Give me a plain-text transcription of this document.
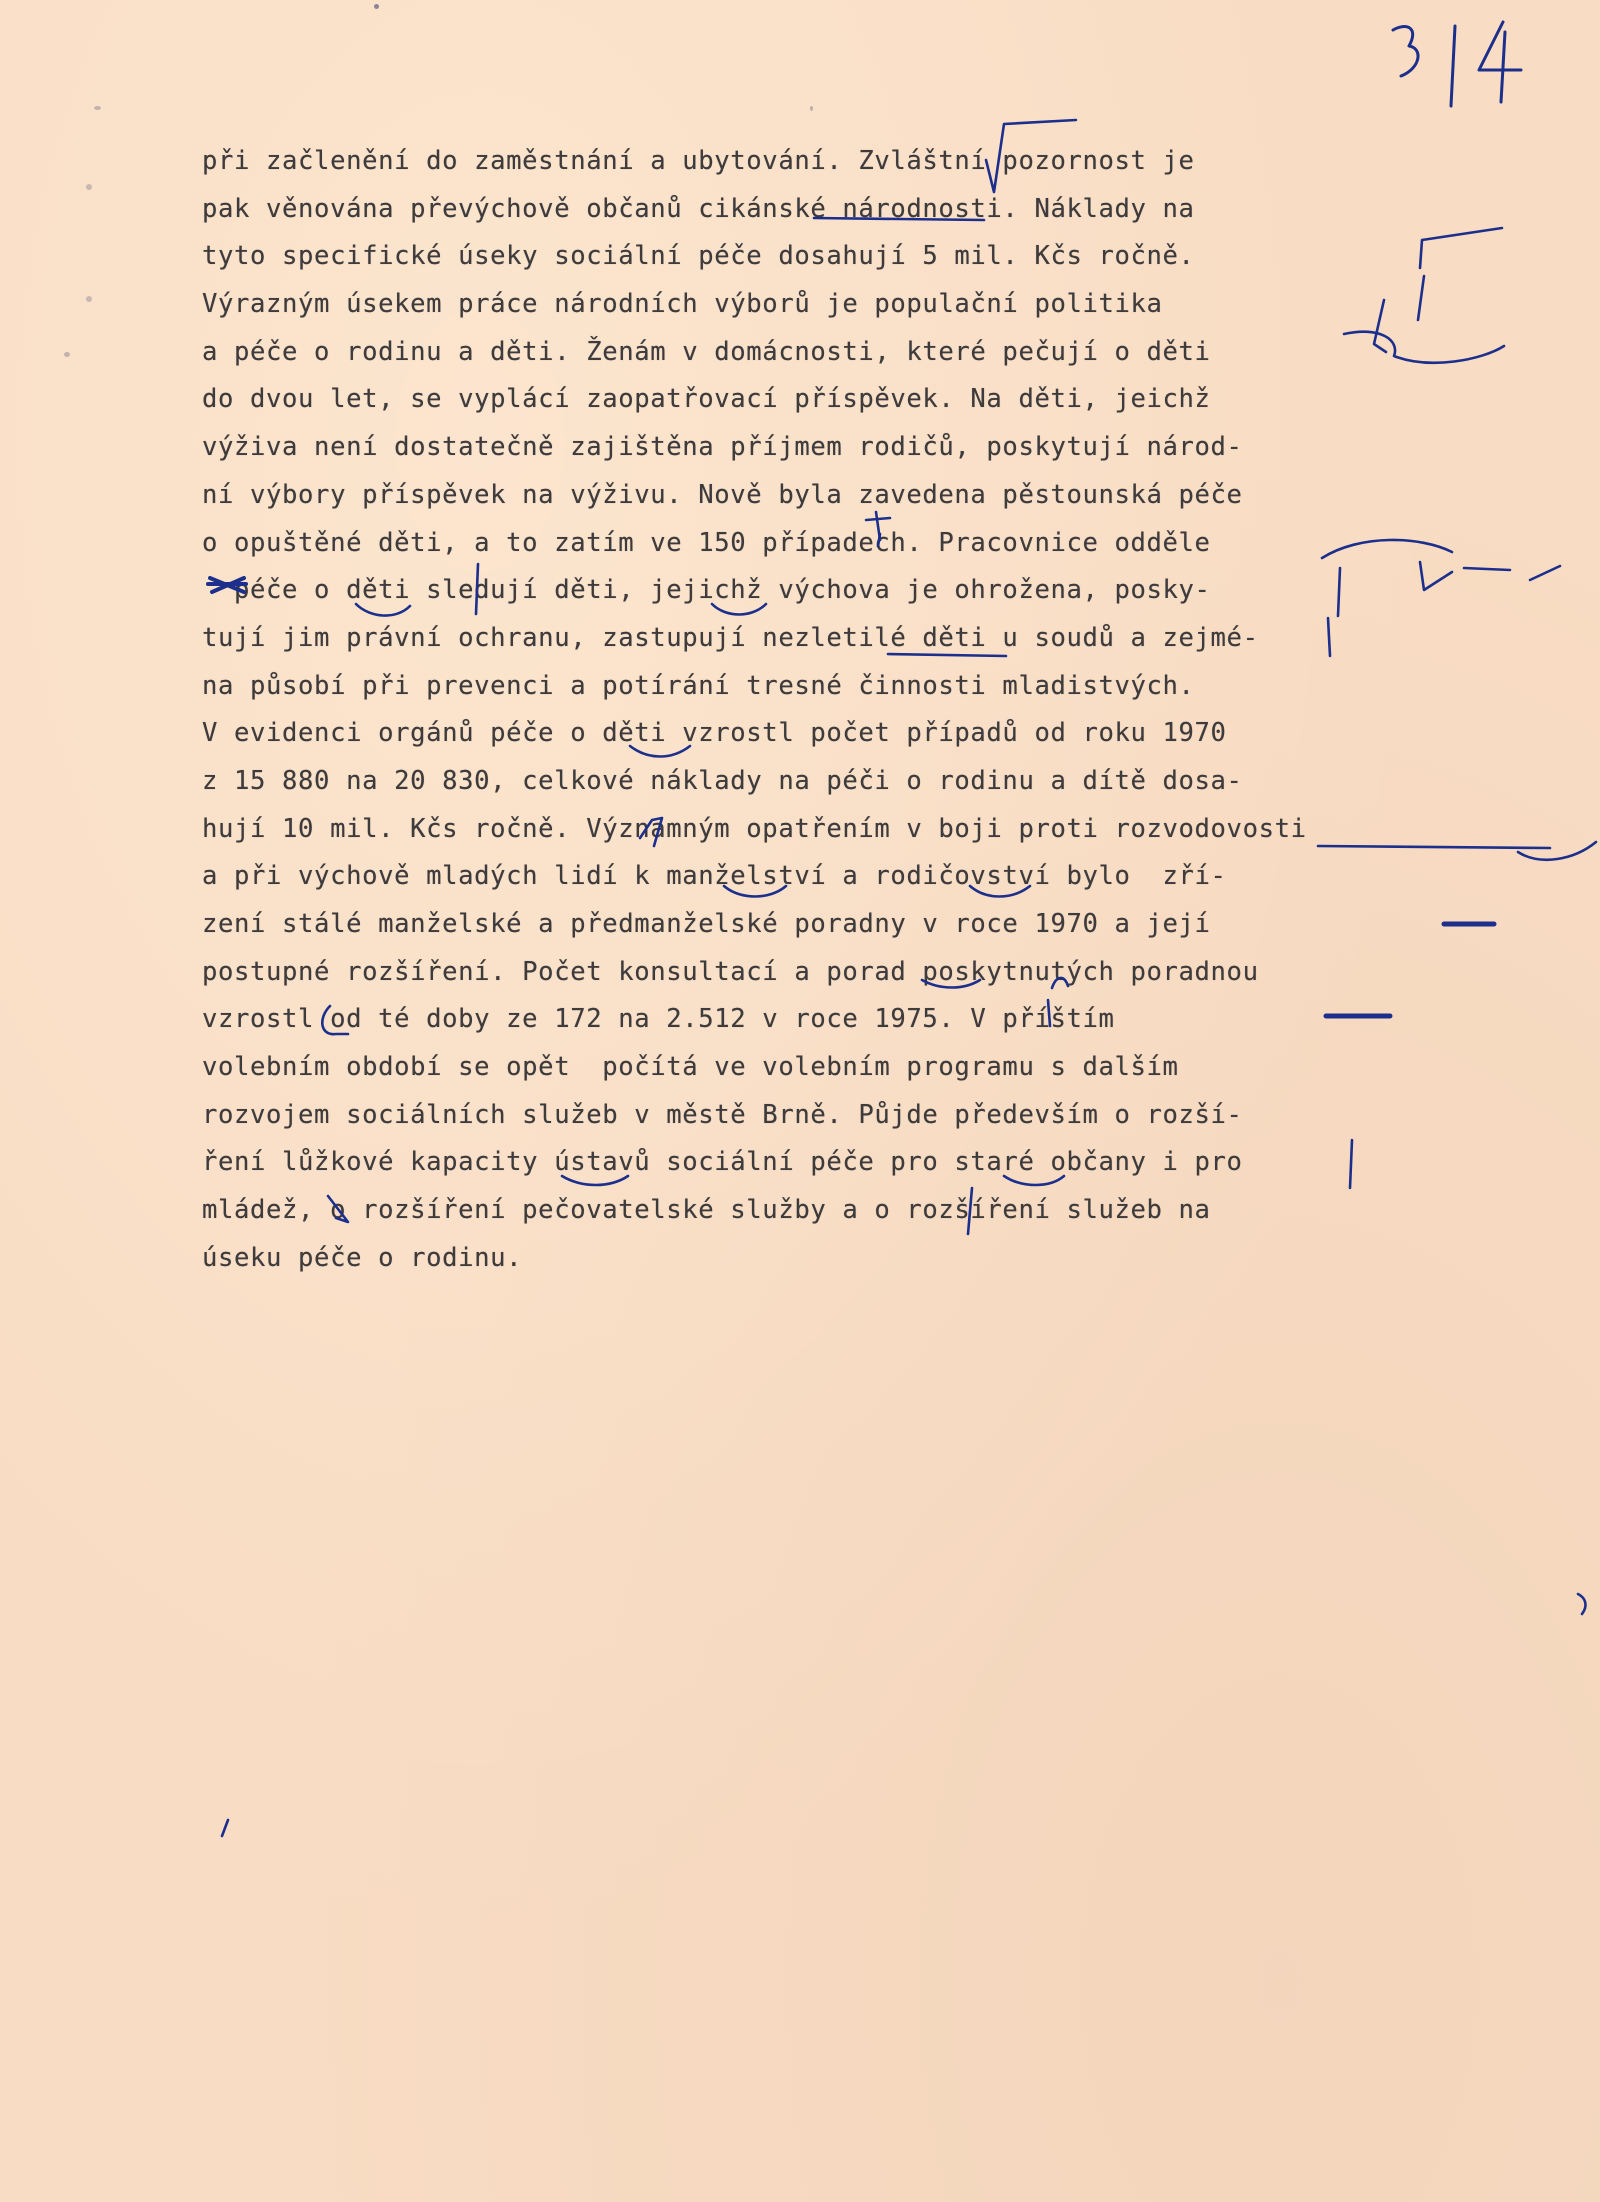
při začlenění do zaměstnání a ubytování. Zvláštní pozornost je
pak věnována převýchově občanů cikánské národnosti. Náklady na
tyto specifické úseky sociální péče dosahují 5 mil. Kčs ročně.
Výrazným úsekem práce národních výborů je populační politika
a péče o rodinu a děti. Ženám v domácnosti, které pečují o děti
do dvou let, se vyplácí zaopatřovací příspěvek. Na děti, jeichž
výživa není dostatečně zajištěna příjmem rodičů, poskytují národ-
ní výbory příspěvek na výživu. Nově byla zavedena pěstounská péče
o opuštěné děti, a to zatím ve 150 případech. Pracovnice odděle
péče o děti sledují děti, jejichž výchova je ohrožena, posky-
tují jim právní ochranu, zastupují nezletilé děti u soudů a zejmé-
na působí při prevenci a potírání tresné činnosti mladistvých.
V evidenci orgánů péče o děti vzrostl počet případů od roku 1970
z 15 880 na 20 830, celkové náklady na péči o rodinu a dítě dosa-
hují 10 mil. Kčs ročně. Významným opatřením v boji proti rozvodovosti
a při výchově mladých lidí k manželství a rodičovství bylo  zří-
zení stálé manželské a předmanželské poradny v roce 1970 a její
postupné rozšíření. Počet konsultací a porad poskytnutých poradnou
vzrostl od té doby ze 172 na 2.512 v roce 1975. V příštím
volebním období se opět  počítá ve volebním programu s dalším
rozvojem sociálních služeb v městě Brně. Půjde především o rozší-
ření lůžkové kapacity ústavů sociální péče pro staré občany i pro
mládež, o rozšíření pečovatelské služby a o rozšíření služeb na
úseku péče o rodinu.
